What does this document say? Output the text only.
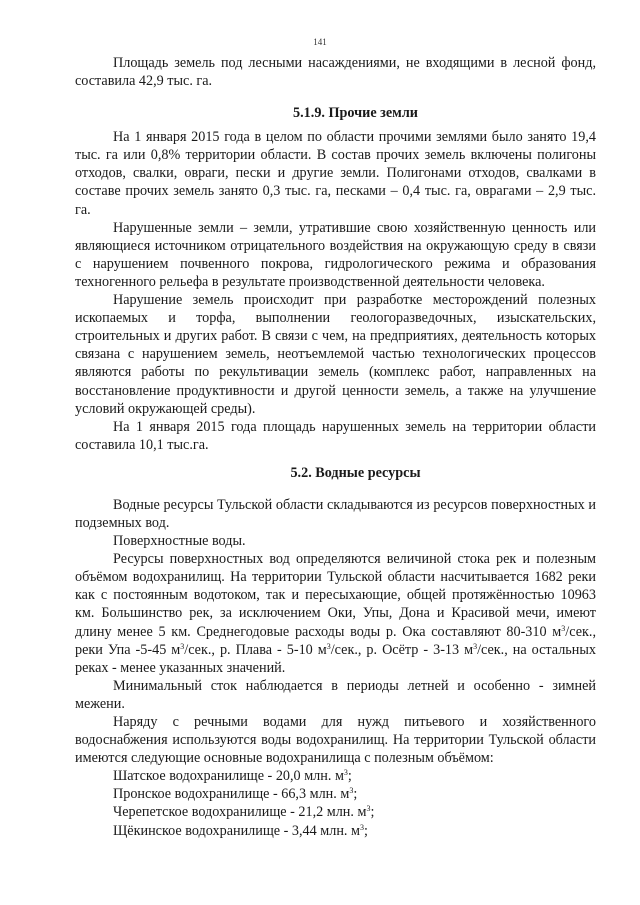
141

Площадь земель под лесными насаждениями, не входящими в лесной фонд, составила 42,9 тыс. га.

5.1.9. Прочие земли

На 1 января 2015 года в целом по области прочими землями было занято 19,4 тыс. га или 0,8% территории области. В состав прочих земель включены полигоны отходов, свалки, овраги, пески и другие земли. Полигонами отходов, свалками в составе прочих земель занято 0,3 тыс. га, песками – 0,4 тыс. га, оврагами – 2,9 тыс. га.

Нарушенные земли – земли, утратившие свою хозяйственную ценность или являющиеся источником отрицательного воздействия на окружающую среду в связи с нарушением почвенного покрова, гидрологического режима и образования техногенного рельефа в результате производственной деятельности человека.

Нарушение земель происходит при разработке месторождений полезных ископаемых и торфа, выполнении геологоразведочных, изыскательских, строительных и других работ. В связи с чем, на предприятиях, деятельность которых связана с нарушением земель, неотъемлемой частью технологических процессов являются работы по рекультивации земель (комплекс работ, направленных на восстановление продуктивности и другой ценности земель, а также на улучшение условий окружающей среды).

На 1 января 2015 года площадь нарушенных земель на территории области составила 10,1 тыс.га.

5.2. Водные ресурсы

Водные ресурсы Тульской области складываются из ресурсов поверхностных и подземных вод.

Поверхностные воды.

Ресурсы поверхностных вод определяются величиной стока рек и полезным объёмом водохранилищ. На территории Тульской области насчитывается 1682 реки как с постоянным водотоком, так и пересыхающие, общей протяжённостью 10963 км. Большинство рек, за исключением Оки, Упы, Дона и Красивой мечи, имеют длину менее 5 км. Среднегодовые расходы воды р. Ока составляют 80-310 $м^3$/сек., реки Упа -5-45 $м^3$/сек., р. Плава - 5-10 $м^3$/сек., р. Осётр - 3-13 $м^3$/сек., на остальных реках - менее указанных значений.

Минимальный сток наблюдается в периоды летней и особенно - зимней межени.

Наряду с речными водами для нужд питьевого и хозяйственного водоснабжения используются воды водохранилищ. На территории Тульской области имеются следующие основные водохранилища с полезным объёмом:

Шатское водохранилище - 20,0 млн. $м^3$;

Пронское водохранилище - 66,3 млн. $м^3$;

Черепетское водохранилище - 21,2 млн. $м^3$;

Щёкинское водохранилище - 3,44 млн. $м^3$;
